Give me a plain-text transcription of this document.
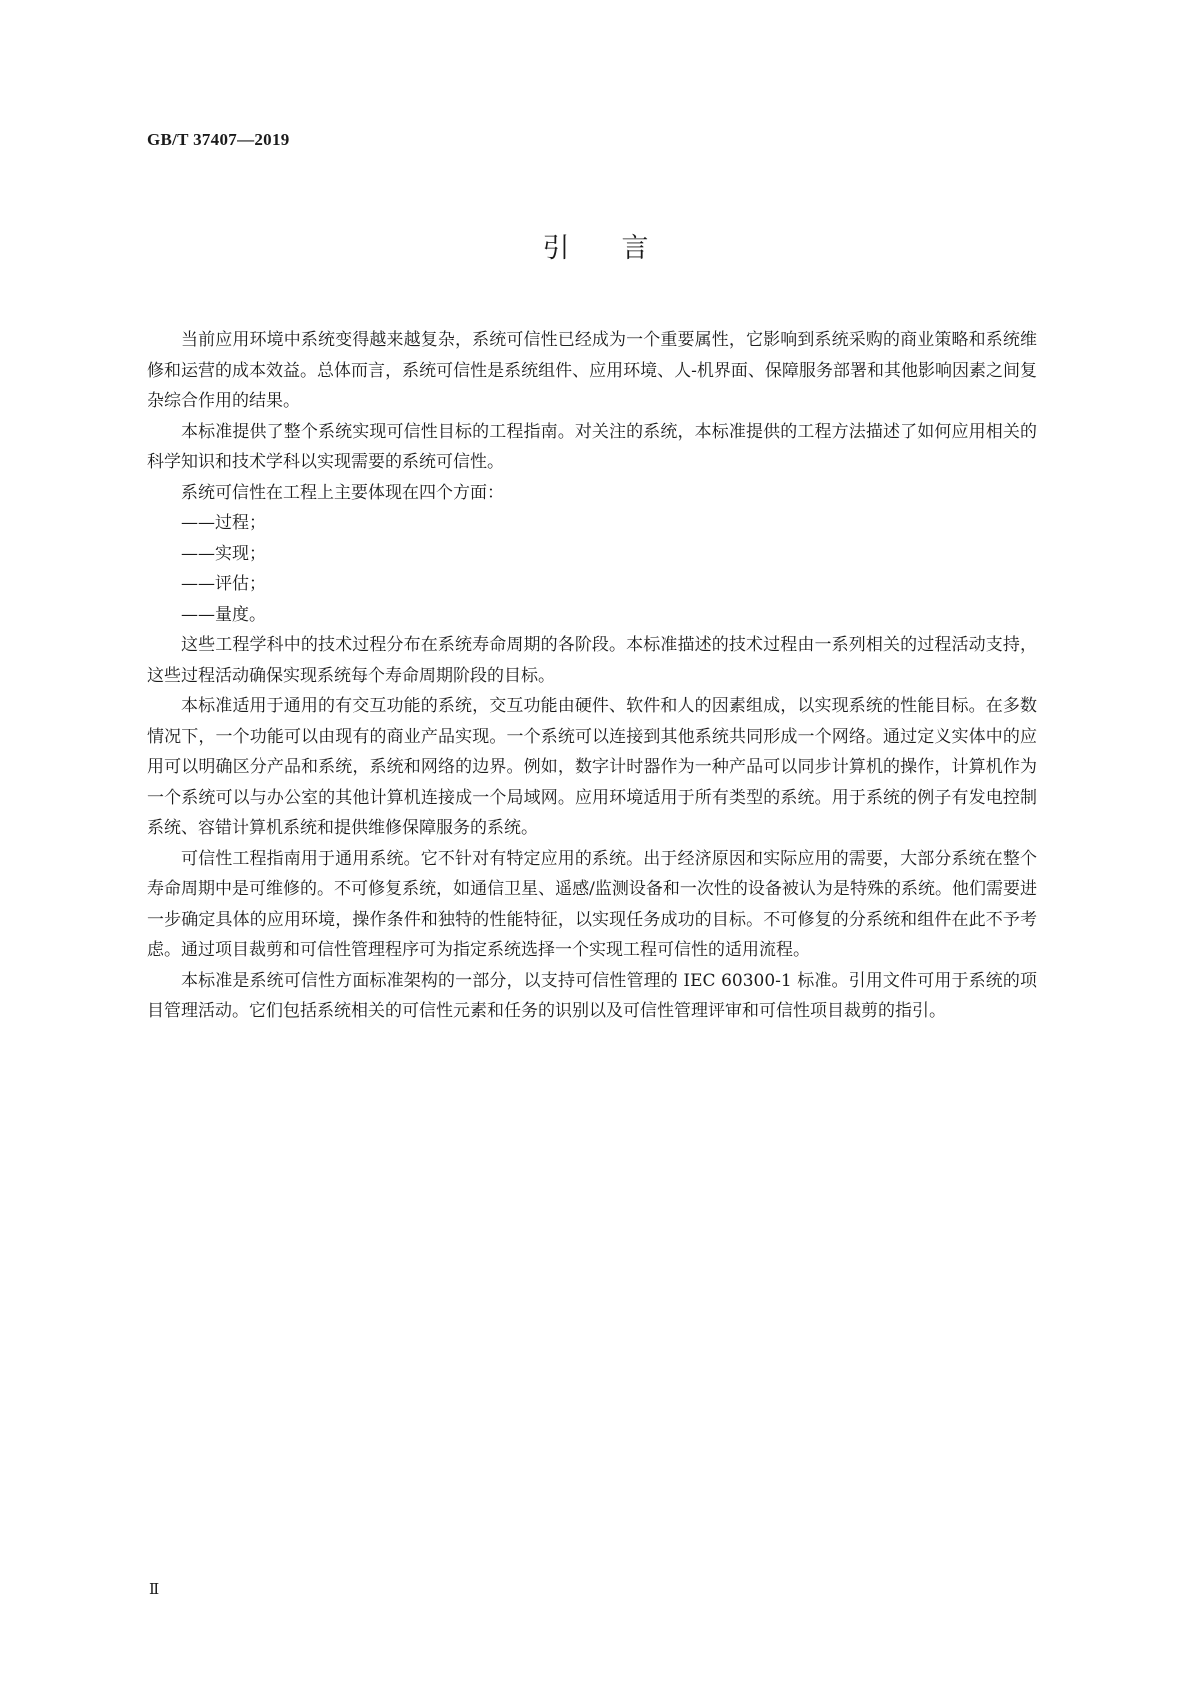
GB/T 37407—2019
引言

当前应用环境中系统变得越来越复杂，系统可信性已经成为一个重要属性，它影响到系统采购的商业策略和系统维修和运营的成本效益。总体而言，系统可信性是系统组件、应用环境、人-机界面、保障服务部署和其他影响因素之间复杂综合作用的结果。

本标准提供了整个系统实现可信性目标的工程指南。对关注的系统，本标准提供的工程方法描述了如何应用相关的科学知识和技术学科以实现需要的系统可信性。

系统可信性在工程上主要体现在四个方面：

——过程；
——实现；
——评估；
——量度。

这些工程学科中的技术过程分布在系统寿命周期的各阶段。本标准描述的技术过程由一系列相关的过程活动支持，这些过程活动确保实现系统每个寿命周期阶段的目标。

本标准适用于通用的有交互功能的系统，交互功能由硬件、软件和人的因素组成，以实现系统的性能目标。在多数情况下，一个功能可以由现有的商业产品实现。一个系统可以连接到其他系统共同形成一个网络。通过定义实体中的应用可以明确区分产品和系统，系统和网络的边界。例如，数字计时器作为一种产品可以同步计算机的操作，计算机作为一个系统可以与办公室的其他计算机连接成一个局域网。应用环境适用于所有类型的系统。用于系统的例子有发电控制系统、容错计算机系统和提供维修保障服务的系统。

可信性工程指南用于通用系统。它不针对有特定应用的系统。出于经济原因和实际应用的需要，大部分系统在整个寿命周期中是可维修的。不可修复系统，如通信卫星、遥感/监测设备和一次性的设备被认为是特殊的系统。他们需要进一步确定具体的应用环境，操作条件和独特的性能特征，以实现任务成功的目标。不可修复的分系统和组件在此不予考虑。通过项目裁剪和可信性管理程序可为指定系统选择一个实现工程可信性的适用流程。

本标准是系统可信性方面标准架构的一部分，以支持可信性管理的 IEC 60300-1 标准。引用文件可用于系统的项目管理活动。它们包括系统相关的可信性元素和任务的识别以及可信性管理评审和可信性项目裁剪的指引。

Ⅱ
